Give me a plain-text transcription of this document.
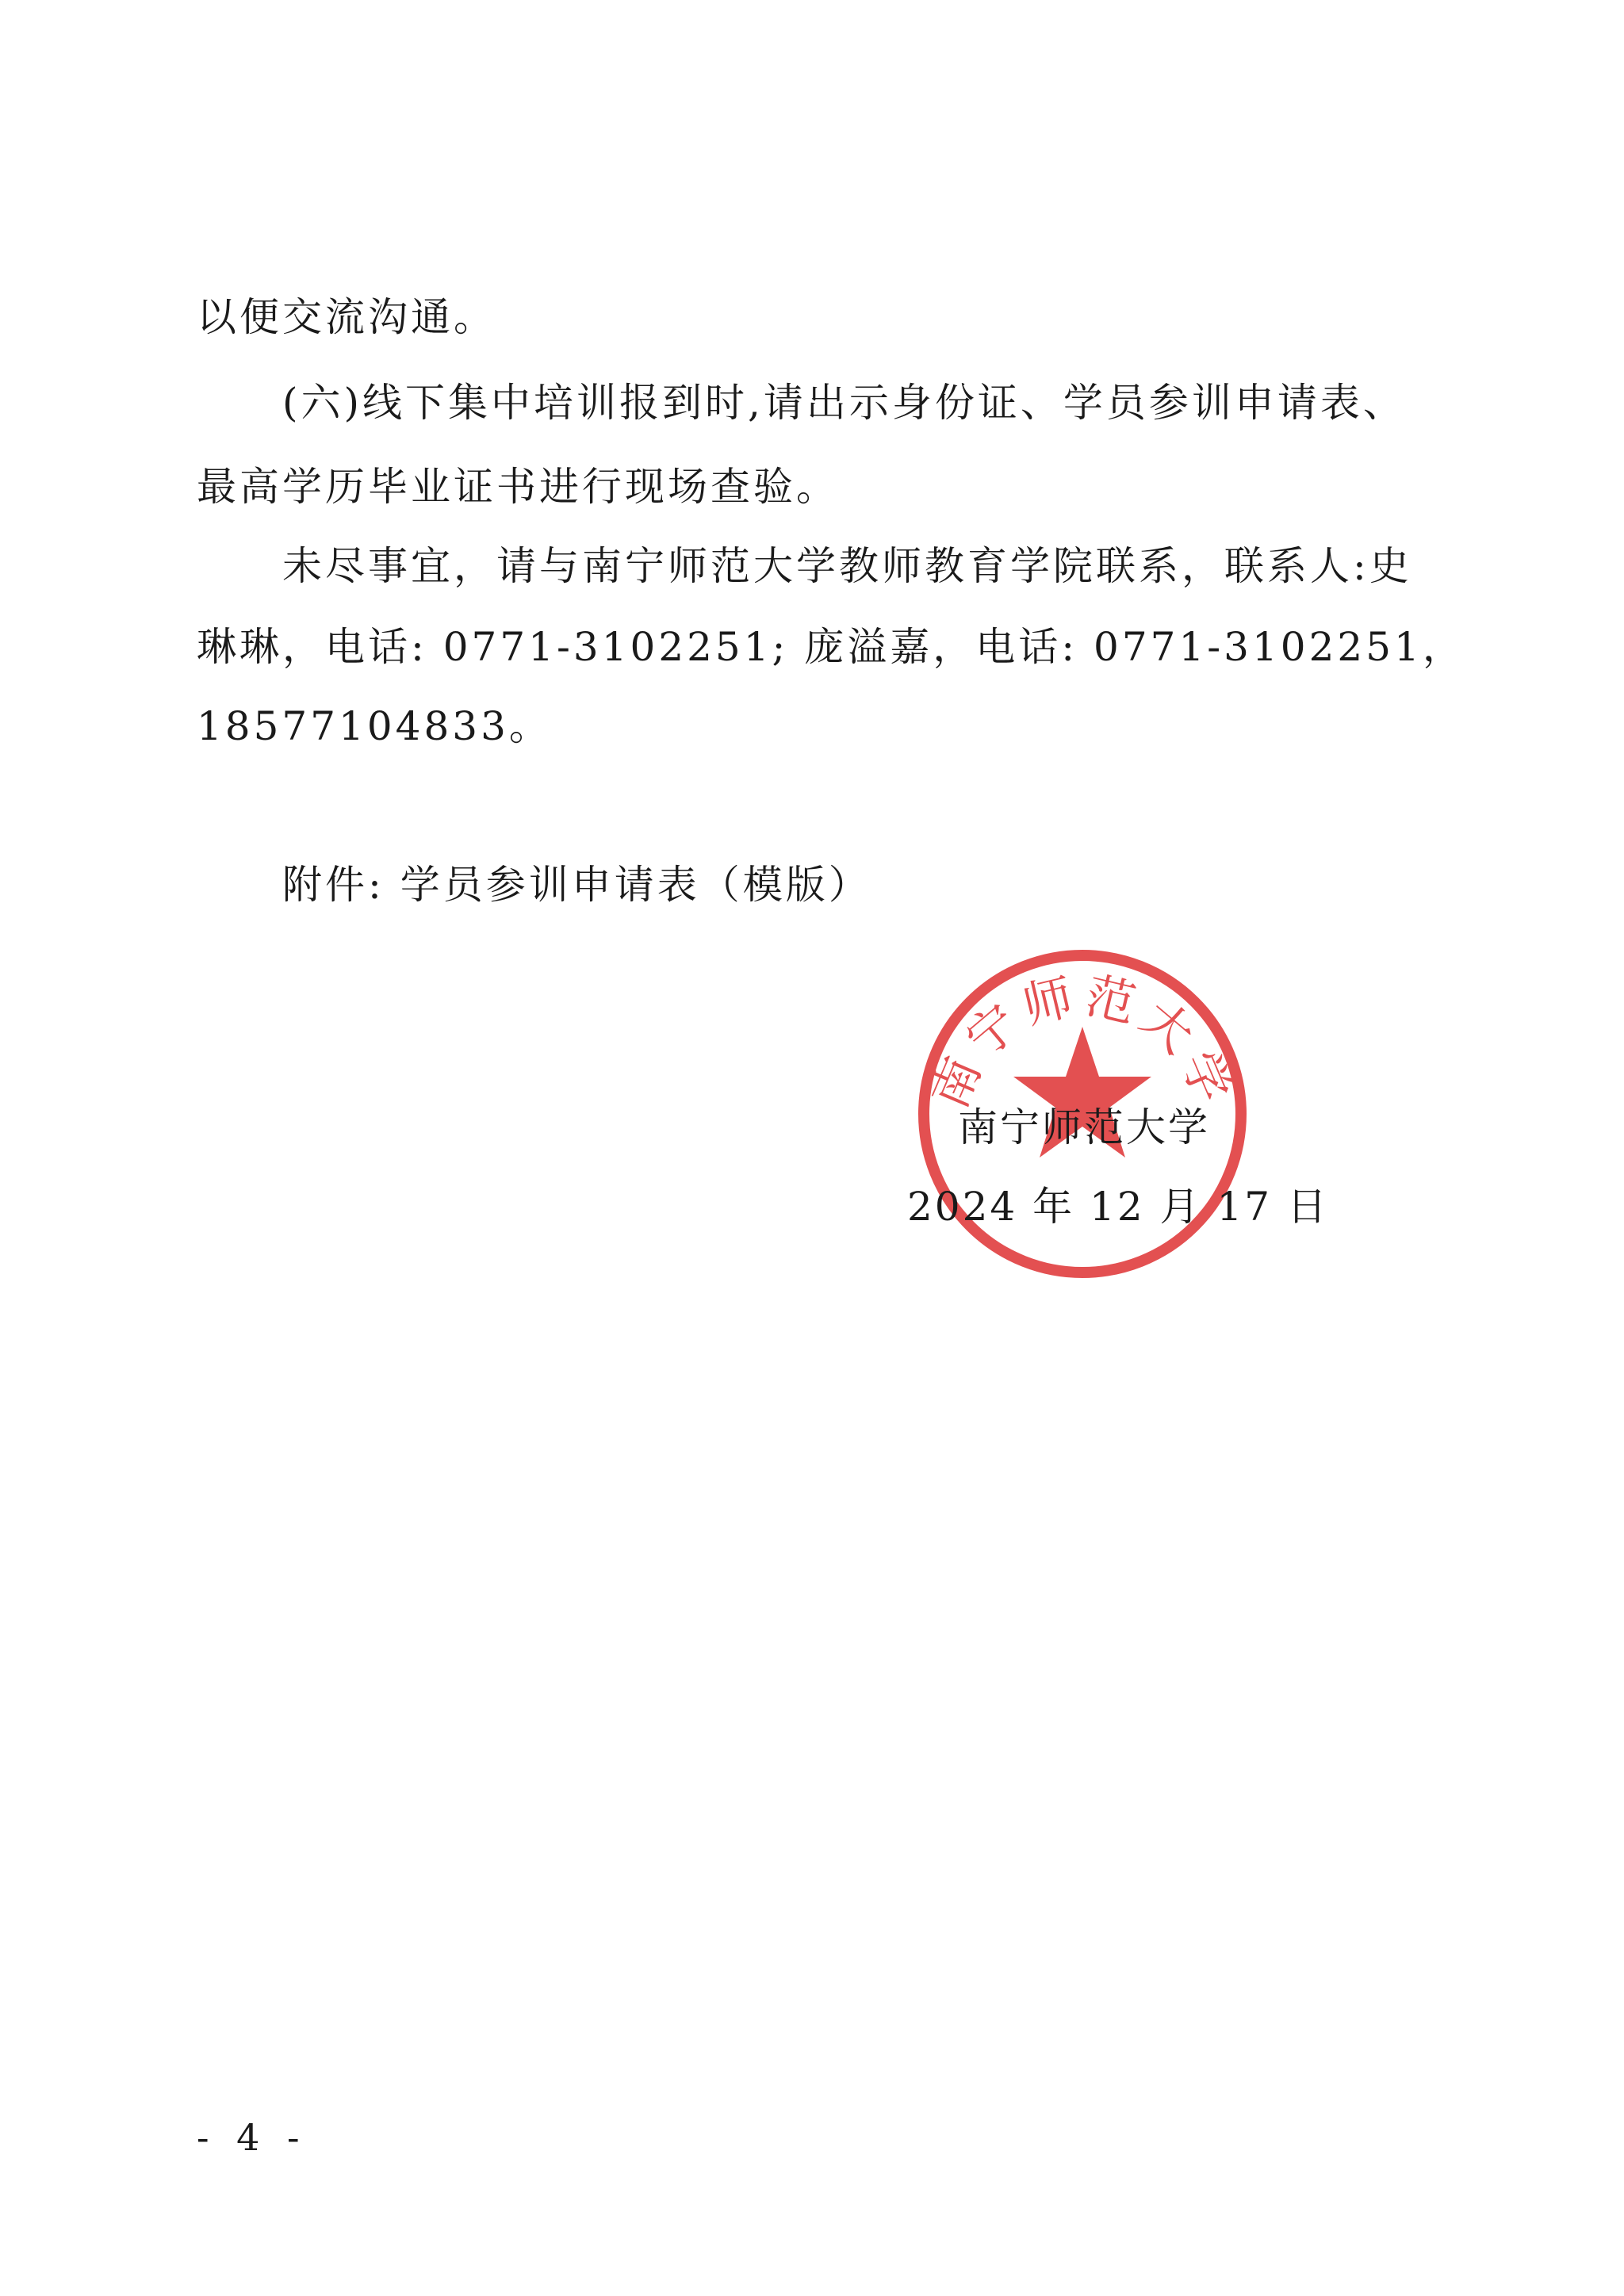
以便交流沟通。
(六)线下集中培训报到时,请出示身份证、学员参训申请表、
最高学历毕业证书进行现场查验。
未尽事宜，请与南宁师范大学教师教育学院联系，联系人:史
琳琳，电话: 0771-3102251; 庞溢嘉，电话: 0771-3102251，
18577104833。
附件: 学员参训申请表（模版）
南宁师范大学
南宁师范大学
2024 年 12 月 17 日
- 4 -
